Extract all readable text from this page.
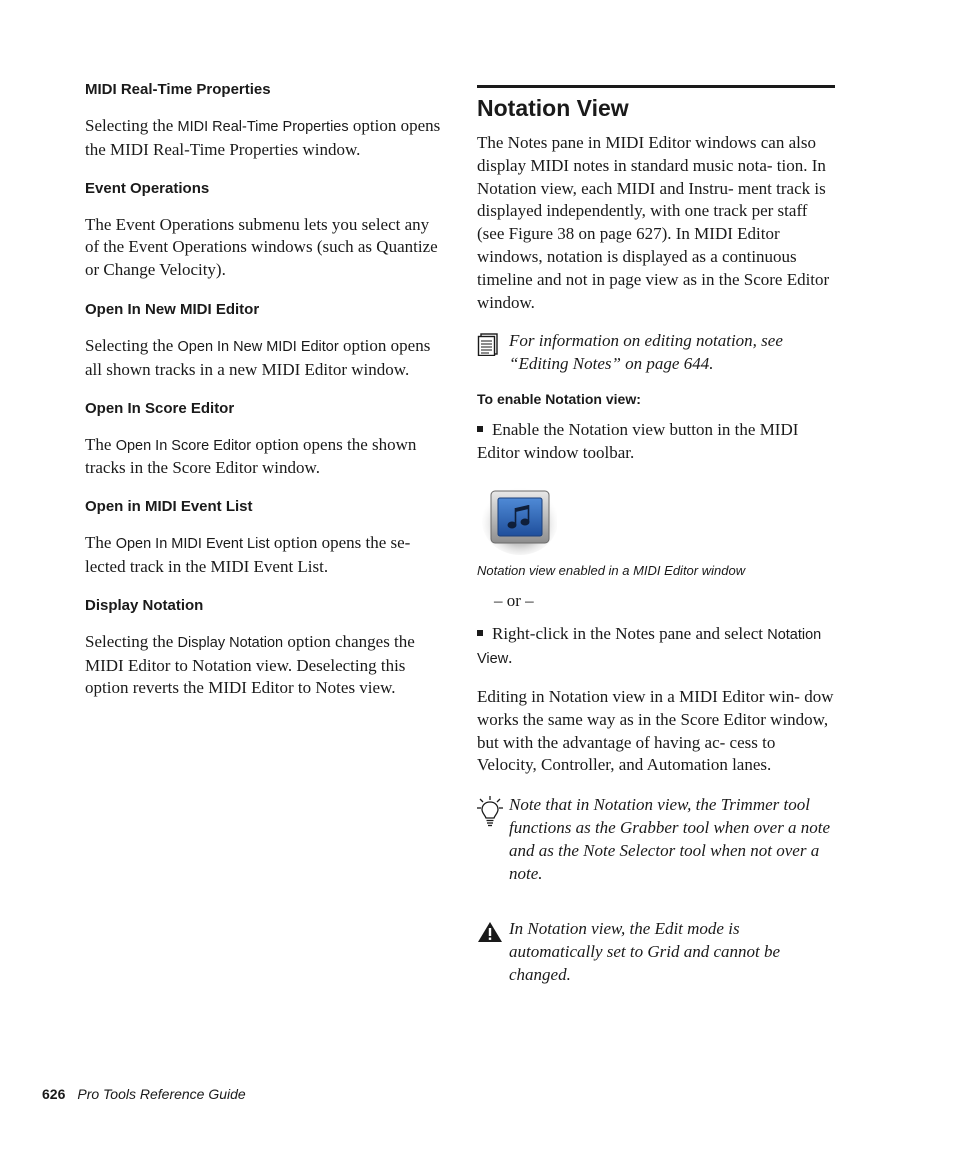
MIDI Real-Time Properties

Selecting the MIDI Real-Time Properties option opens the MIDI Real-Time Properties window.

Event Operations

The Event Operations submenu lets you select any of the Event Operations windows (such as Quantize or Change Velocity).

Open In New MIDI Editor

Selecting the Open In New MIDI Editor option opens all shown tracks in a new MIDI Editor window.

Open In Score Editor

The Open In Score Editor option opens the shown tracks in the Score Editor window.

Open in MIDI Event List

The Open In MIDI Event List option opens the se- lected track in the MIDI Event List.

Display Notation

Selecting the Display Notation option changes the MIDI Editor to Notation view. Deselecting this option reverts the MIDI Editor to Notes view.

Notation View

The Notes pane in MIDI Editor windows can also display MIDI notes in standard music nota- tion. In Notation view, each MIDI and Instru- ment track is displayed independently, with one track per staff (see Figure 38 on page 627). In MIDI Editor windows, notation is displayed as a continuous timeline and not in page view as in the Score Editor window.

For information on editing notation, see “Editing Notes” on page 644.

To enable Notation view:

Enable the Notation view button in the MIDI Editor window toolbar.

Notation view enabled in a MIDI Editor window

– or –

Right-click in the Notes pane and select Notation View.

Editing in Notation view in a MIDI Editor win- dow works the same way as in the Score Editor window, but with the advantage of having ac- cess to Velocity, Controller, and Automation lanes.

Note that in Notation view, the Trimmer tool functions as the Grabber tool when over a note and as the Note Selector tool when not over a note.

In Notation view, the Edit mode is automatically set to Grid and cannot be changed.

626 Pro Tools Reference Guide
